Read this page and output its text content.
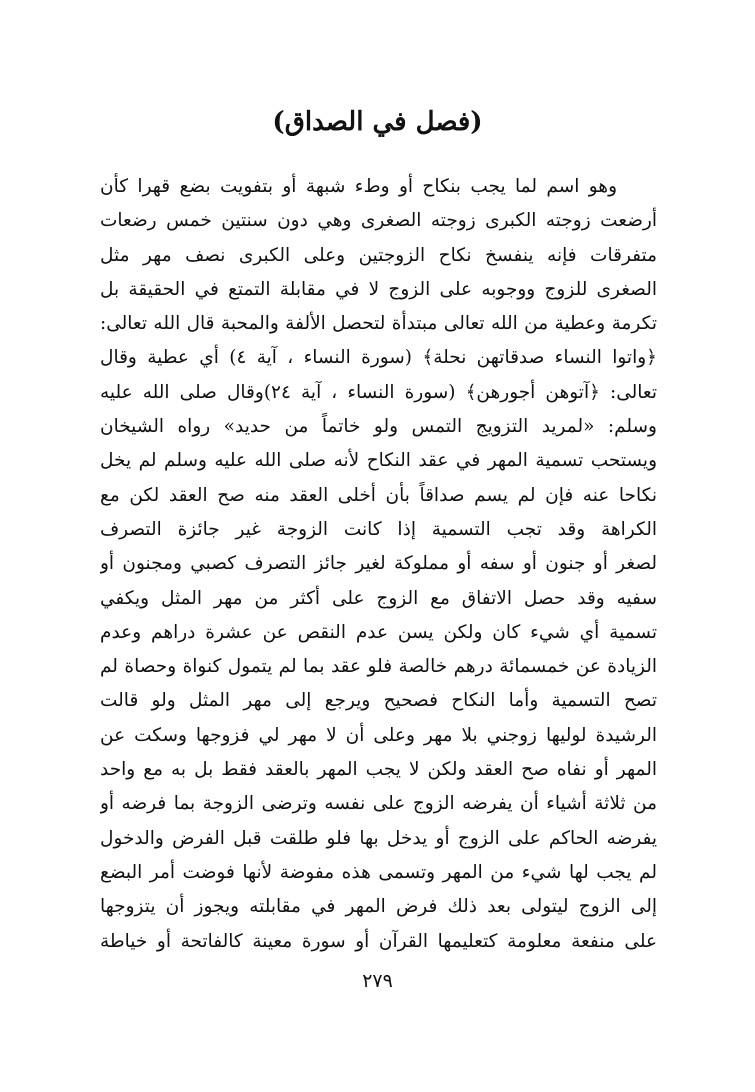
(فصل في الصداق)
وهو اسم لما يجب بنكاح أو وطء شبهة أو بتفويت بضع قهرا كأن
أرضعت زوجته الكبرى زوجته الصغرى وهي دون سنتين خمس رضعات
متفرقات فإنه ينفسخ نكاح الزوجتين وعلى الكبرى نصف مهر مثل
الصغرى للزوج ووجوبه على الزوج لا في مقابلة التمتع في الحقيقة بل
تكرمة وعطية من الله تعالى مبتدأة لتحصل الألفة والمحبة قال الله تعالى:
﴿واتوا النساء صدقاتهن نحلة﴾ (سورة النساء ، آية ٤) أي عطية وقال
تعالى: ﴿آتوهن أجورهن﴾ (سورة النساء ، آية ٢٤)وقال صلى الله عليه
وسلم: «لمريد التزويج التمس ولو خاتماً من حديد» رواه الشيخان
ويستحب تسمية المهر في عقد النكاح لأنه صلى الله عليه وسلم لم يخل
نكاحا عنه فإن لم يسم صداقاً بأن أخلى العقد منه صح العقد لكن مع
الكراهة وقد تجب التسمية إذا كانت الزوجة غير جائزة التصرف
لصغر أو جنون أو سفه أو مملوكة لغير جائز التصرف كصبي ومجنون أو
سفيه وقد حصل الاتفاق مع الزوج على أكثر من مهر المثل ويكفي
تسمية أي شيء كان ولكن يسن عدم النقص عن عشرة دراهم وعدم
الزيادة عن خمسمائة درهم خالصة فلو عقد بما لم يتمول كنواة وحصاة لم
تصح التسمية وأما النكاح فصحيح ويرجع إلى مهر المثل ولو قالت
الرشيدة لوليها زوجني بلا مهر وعلى أن لا مهر لي فزوجها وسكت عن
المهر أو نفاه صح العقد ولكن لا يجب المهر بالعقد فقط بل به مع واحد
من ثلاثة أشياء أن يفرضه الزوج على نفسه وترضى الزوجة بما فرضه أو
يفرضه الحاكم على الزوج أو يدخل بها فلو طلقت قبل الفرض والدخول
لم يجب لها شيء من المهر وتسمى هذه مفوضة لأنها فوضت أمر البضع
إلى الزوج ليتولى بعد ذلك فرض المهر في مقابلته ويجوز أن يتزوجها
على منفعة معلومة كتعليمها القرآن أو سورة معينة كالفاتحة أو خياطة
٢٧٩
